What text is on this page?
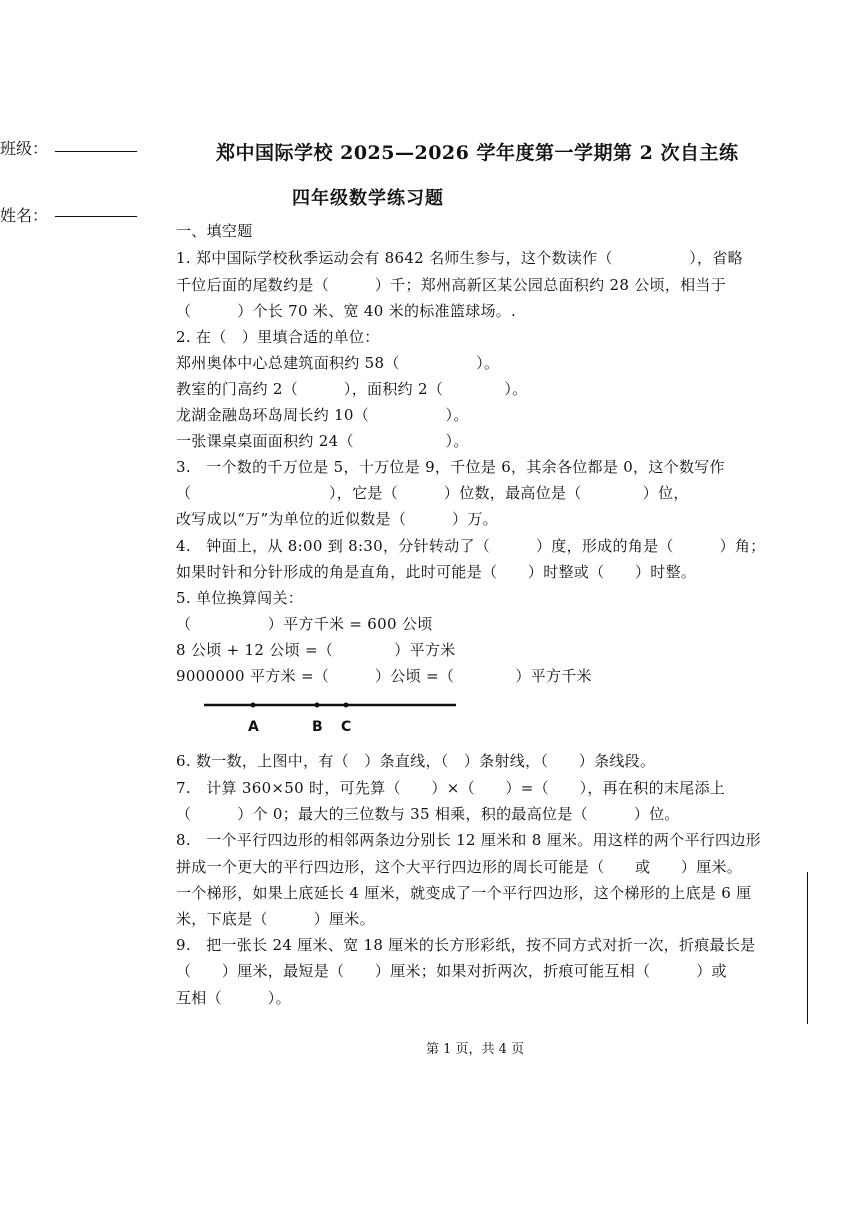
班级：
姓名：
郑中国际学校 2025—2026 学年度第一学期第 2 次自主练
四年级数学练习题
一、填空题
1. 郑中国际学校秋季运动会有 8642 名师生参与，这个数读作（　　　　　），省略
千位后面的尾数约是（　　　）千；郑州高新区某公园总面积约 28 公顷，相当于
（　　　）个长 70 米、宽 40 米的标准篮球场。.
2. 在（　）里填合适的单位：
郑州奥体中心总建筑面积约 58（　　　　　）。
教室的门高约 2（　　　），面积约 2（　　　　）。
龙湖金融岛环岛周长约 10（　　　　　）。
一张课桌桌面面积约 24（　　　　　　）。
3.　一个数的千万位是 5，十万位是 9，千位是 6，其余各位都是 0，这个数写作
（　　　　　　　　　），它是（　　　）位数，最高位是（　　　　）位，
改写成以“万”为单位的近似数是（　　　）万。
4.　钟面上，从 8:00 到 8:30，分针转动了（　　　）度，形成的角是（　　　）角；
如果时针和分针形成的角是直角，此时可能是（　　）时整或（　　）时整。
5. 单位换算闯关：
（　　　　　）平方千米 = 600 公顷
8 公顷 + 12 公顷 =（　　　　）平方米
9000000 平方米 =（　　　）公顷 =（　　　　）平方千米
A	B C
6. 数一数，上图中，有（　）条直线，（　）条射线，（　　）条线段。
7.　计算 360×50 时，可先算（　　）×（　　）=（　　），再在积的末尾添上
（　　　）个 0；最大的三位数与 35 相乘，积的最高位是（　　　）位。
8.　一个平行四边形的相邻两条边分别长 12 厘米和 8 厘米。用这样的两个平行四边形
拼成一个更大的平行四边形，这个大平行四边形的周长可能是（　　或　　）厘米。
一个梯形，如果上底延长 4 厘米，就变成了一个平行四边形，这个梯形的上底是 6 厘
米，下底是（　　　）厘米。
9.　把一张长 24 厘米、宽 18 厘米的长方形彩纸，按不同方式对折一次，折痕最长是
（　　）厘米，最短是（　　）厘米；如果对折两次，折痕可能互相（　　　）或
互相（　　　）。
第 1 页，共 4 页
